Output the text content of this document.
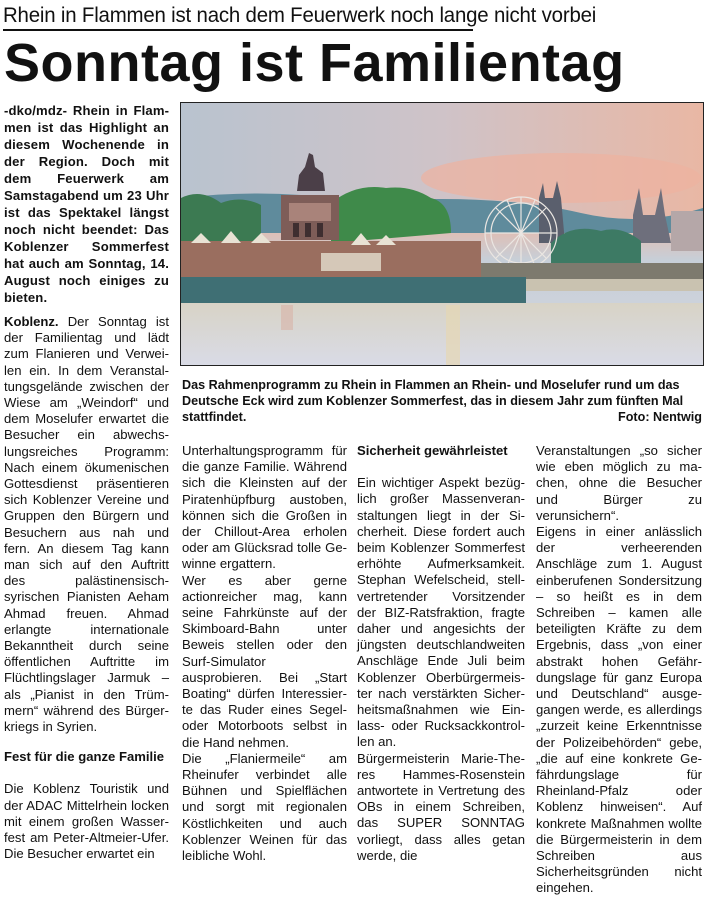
Rhein in Flammen ist nach dem Feuerwerk noch lange nicht vorbei
Sonntag ist Familientag

-dko/mdz- Rhein in Flammen ist das Highlight an diesem Wochenende in der Region. Doch mit dem Feuerwerk am Samstagabend um 23 Uhr ist das Spektakel längst noch nicht beendet: Das Koblenzer Sommerfest hat auch am Sonntag, 14. August noch einiges zu bieten.

Das Rahmenprogramm zu Rhein in Flammen an Rhein- und Moselufer rund um das Deutsche Eck wird zum Koblenzer Sommerfest, das in diesem Jahr zum fünften Mal stattfindet.	Foto: Nentwig

Koblenz. Der Sonntag ist der Familientag und lädt zum Flanieren und Verweilen ein. In dem Veranstaltungsgelände zwischen der Wiese am „Weindorf“ und dem Moselufer erwartet die Besucher ein abwechslungsreiches Programm: Nach einem ökumenischen Gottesdienst präsentieren sich Koblenzer Vereine und Gruppen den Bürgern und Besuchern aus nah und fern. An diesem Tag kann man sich auf den Auftritt des palästinensisch-syrischen Pianisten Aeham Ahmad freuen. Ahmad erlangte internationale Bekanntheit durch seine öffentlichen Auftritte im Flüchtlingslager Jarmuk – als „Pianist in den Trümmern“ während des Bürgerkriegs in Syrien.

Fest für die ganze Familie

Die Koblenz Touristik und der ADAC Mittelrhein locken mit einem großen Wasserfest am Peter-Altmeier-Ufer. Die Besucher erwartet ein

Unterhaltungsprogramm für die ganze Familie. Während sich die Kleinsten auf der Piratenhüpfburg austoben, können sich die Großen in der Chillout-Area erholen oder am Glücksrad tolle Gewinne ergattern.

Wer es aber gerne actionreicher mag, kann seine Fahrkünste auf der Skimboard-Bahn unter Beweis stellen oder den Surf-Simulator ausprobieren. Bei „Start Boating“ dürfen Interessierte das Ruder eines Segel- oder Motorboots selbst in die Hand nehmen.

Die „Flaniermeile“ am Rheinufer verbindet alle Bühnen und Spielflächen und sorgt mit regionalen Köstlichkeiten und auch Koblenzer Weinen für das leibliche Wohl.

Sicherheit gewährleistet

Ein wichtiger Aspekt bezüglich großer Massenveranstaltungen liegt in der Sicherheit. Diese fordert auch beim Koblenzer Sommerfest erhöhte Aufmerksamkeit. Stephan Wefelscheid, stellvertretender Vorsitzender der BIZ-Ratsfraktion, fragte daher und angesichts der jüngsten deutschlandweiten Anschläge Ende Juli beim Koblenzer Oberbürgermeister nach verstärkten Sicherheitsmaßnahmen wie Einlass- oder Rucksackkontrollen an.

Bürgermeisterin Marie-Theres Hammes-Rosenstein antwortete in Vertretung des OBs in einem Schreiben, das SUPER SONNTAG vorliegt, dass alles getan werde, die

Veranstaltungen „so sicher wie eben möglich zu machen, ohne die Besucher und Bürger zu verunsichern“.

Eigens in einer anlässlich der verheerenden Anschläge zum 1. August einberufenen Sondersitzung – so heißt es in dem Schreiben – kamen alle beteiligten Kräfte zu dem Ergebnis, dass „von einer abstrakt hohen Gefährdungslage für ganz Europa und Deutschland“ ausgegangen werde, es allerdings „zurzeit keine Erkenntnisse der Polizeibehörden“ gebe, „die auf eine konkrete Gefährdungslage für Rheinland-Pfalz oder Koblenz hinweisen“. Auf konkrete Maßnahmen wollte die Bürgermeisterin in dem Schreiben aus Sicherheitsgründen nicht eingehen.
